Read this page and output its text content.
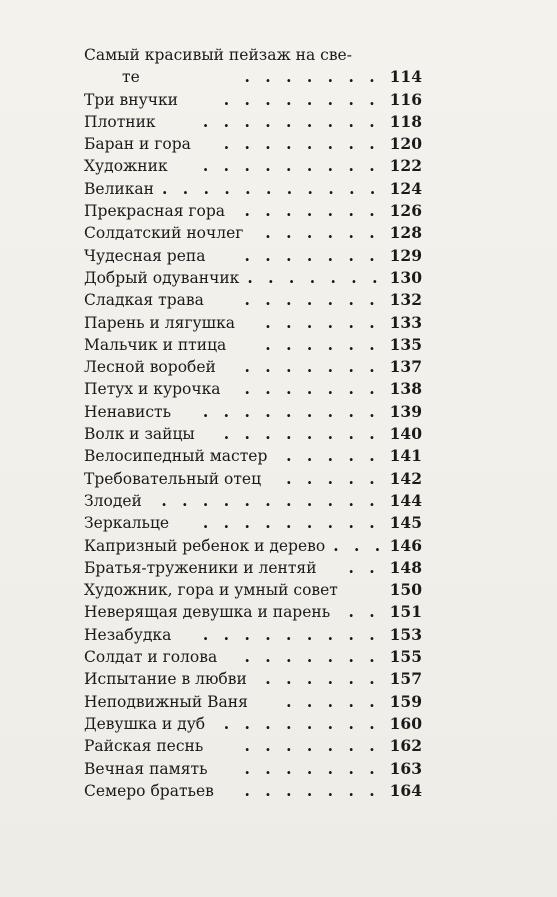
Самый красивый пейзаж на све-
те	114
. . . . . . .
Три внучки	116
. . . . . . . .
Плотник	118
. . . . . . . . .
Баран и гора	120
. . . . . . . .
Художник	122
. . . . . . . . .
Великан	124
. . . . . . . . . . .
Прекрасная гора	126
. . . . . . .
Солдатский ночлег	128
. . . . . .
Чудесная репа	129
. . . . . . .
Добрый одуванчик	130
. . . . . . .
Сладкая трава	132
. . . . . . .
Парень и лягушка	133
. . . . . .
Мальчик и птица	135
. . . . . .
Лесной воробей	137
. . . . . . .
Петух и курочка	138
. . . . . . .
Ненависть	139
. . . . . . . . .
Волк и зайцы	140
. . . . . . . .
Велосипедный мастер	141
. . . . .
Требовательный отец	142
. . . . .
Злодей	144
. . . . . . . . . . .
Зеркальце	145
. . . . . . . . .
Капризный ребенок и дерево	146
. . .
Братья-труженики и лентяй	148
. .
Художник, гора и умный совет	150
Неверящая девушка и парень	151
. .
Незабудка	153
. . . . . . . . .
Солдат и голова	155
. . . . . . .
Испытание в любви	157
. . . . . .
Неподвижный Ваня	159
. . . . .
Девушка и дуб	160
. . . . . . . .
Райская песнь	162
. . . . . . .
Вечная память	163
. . . . . . .
Семеро братьев	164
. . . . . . .
